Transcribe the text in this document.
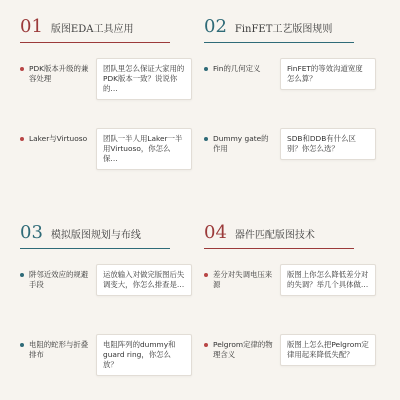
01 版图EDA工具应用
PDK版本升级的兼容处理
团队里怎么保证大家用的PDK版本一致？说说你的…
Laker与Virtuoso	团队一半人用Laker一半用Virtuoso，你怎么保…
02 FinFET工艺版图规则
Fin的几何定义	FinFET的等效沟道宽度怎么算？
Dummy gate的作用
SDB和DDB有什么区别？你怎么选？
03 模拟版图规划与布线
阱邻近效应的规避手段
运放输入对做完版图后失调变大，你怎么排查是…
电阻的蛇形与折叠排布
电阻阵列的dummy和guard ring，你怎么放？
04 器件匹配版图技术
差分对失调电压来源
版图上你怎么降低差分对的失调？举几个具体做…
Pelgrom定律的物理含义
版图上怎么把Pelgrom定律用起来降低失配？
